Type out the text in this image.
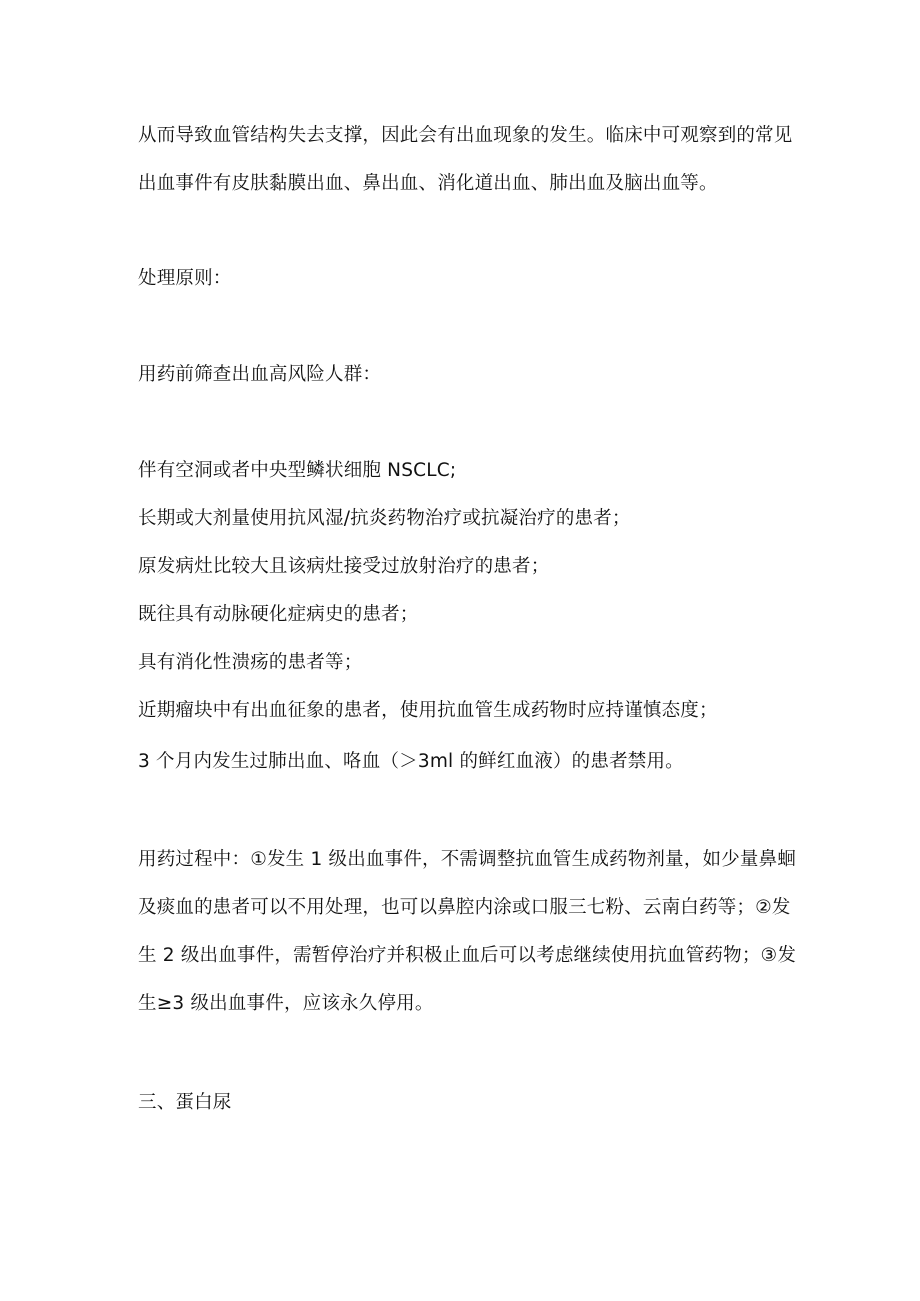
从而导致血管结构失去支撑，因此会有出血现象的发生。临床中可观察到的常见
出血事件有皮肤黏膜出血、鼻出血、消化道出血、肺出血及脑出血等。
处理原则：
用药前筛查出血高风险人群：
伴有空洞或者中央型鳞状细胞 NSCLC;
长期或大剂量使用抗风湿/抗炎药物治疗或抗凝治疗的患者；
原发病灶比较大且该病灶接受过放射治疗的患者；
既往具有动脉硬化症病史的患者；
具有消化性溃疡的患者等；
近期瘤块中有出血征象的患者，使用抗血管生成药物时应持谨慎态度；
3 个月内发生过肺出血、咯血（＞3ml 的鲜红血液）的患者禁用。
用药过程中：①发生 1 级出血事件，不需调整抗血管生成药物剂量，如少量鼻蛔
及痰血的患者可以不用处理，也可以鼻腔内涂或口服三七粉、云南白药等；②发
生 2 级出血事件，需暂停治疗并积极止血后可以考虑继续使用抗血管药物；③发
生≥3 级出血事件，应该永久停用。
三、蛋白尿
